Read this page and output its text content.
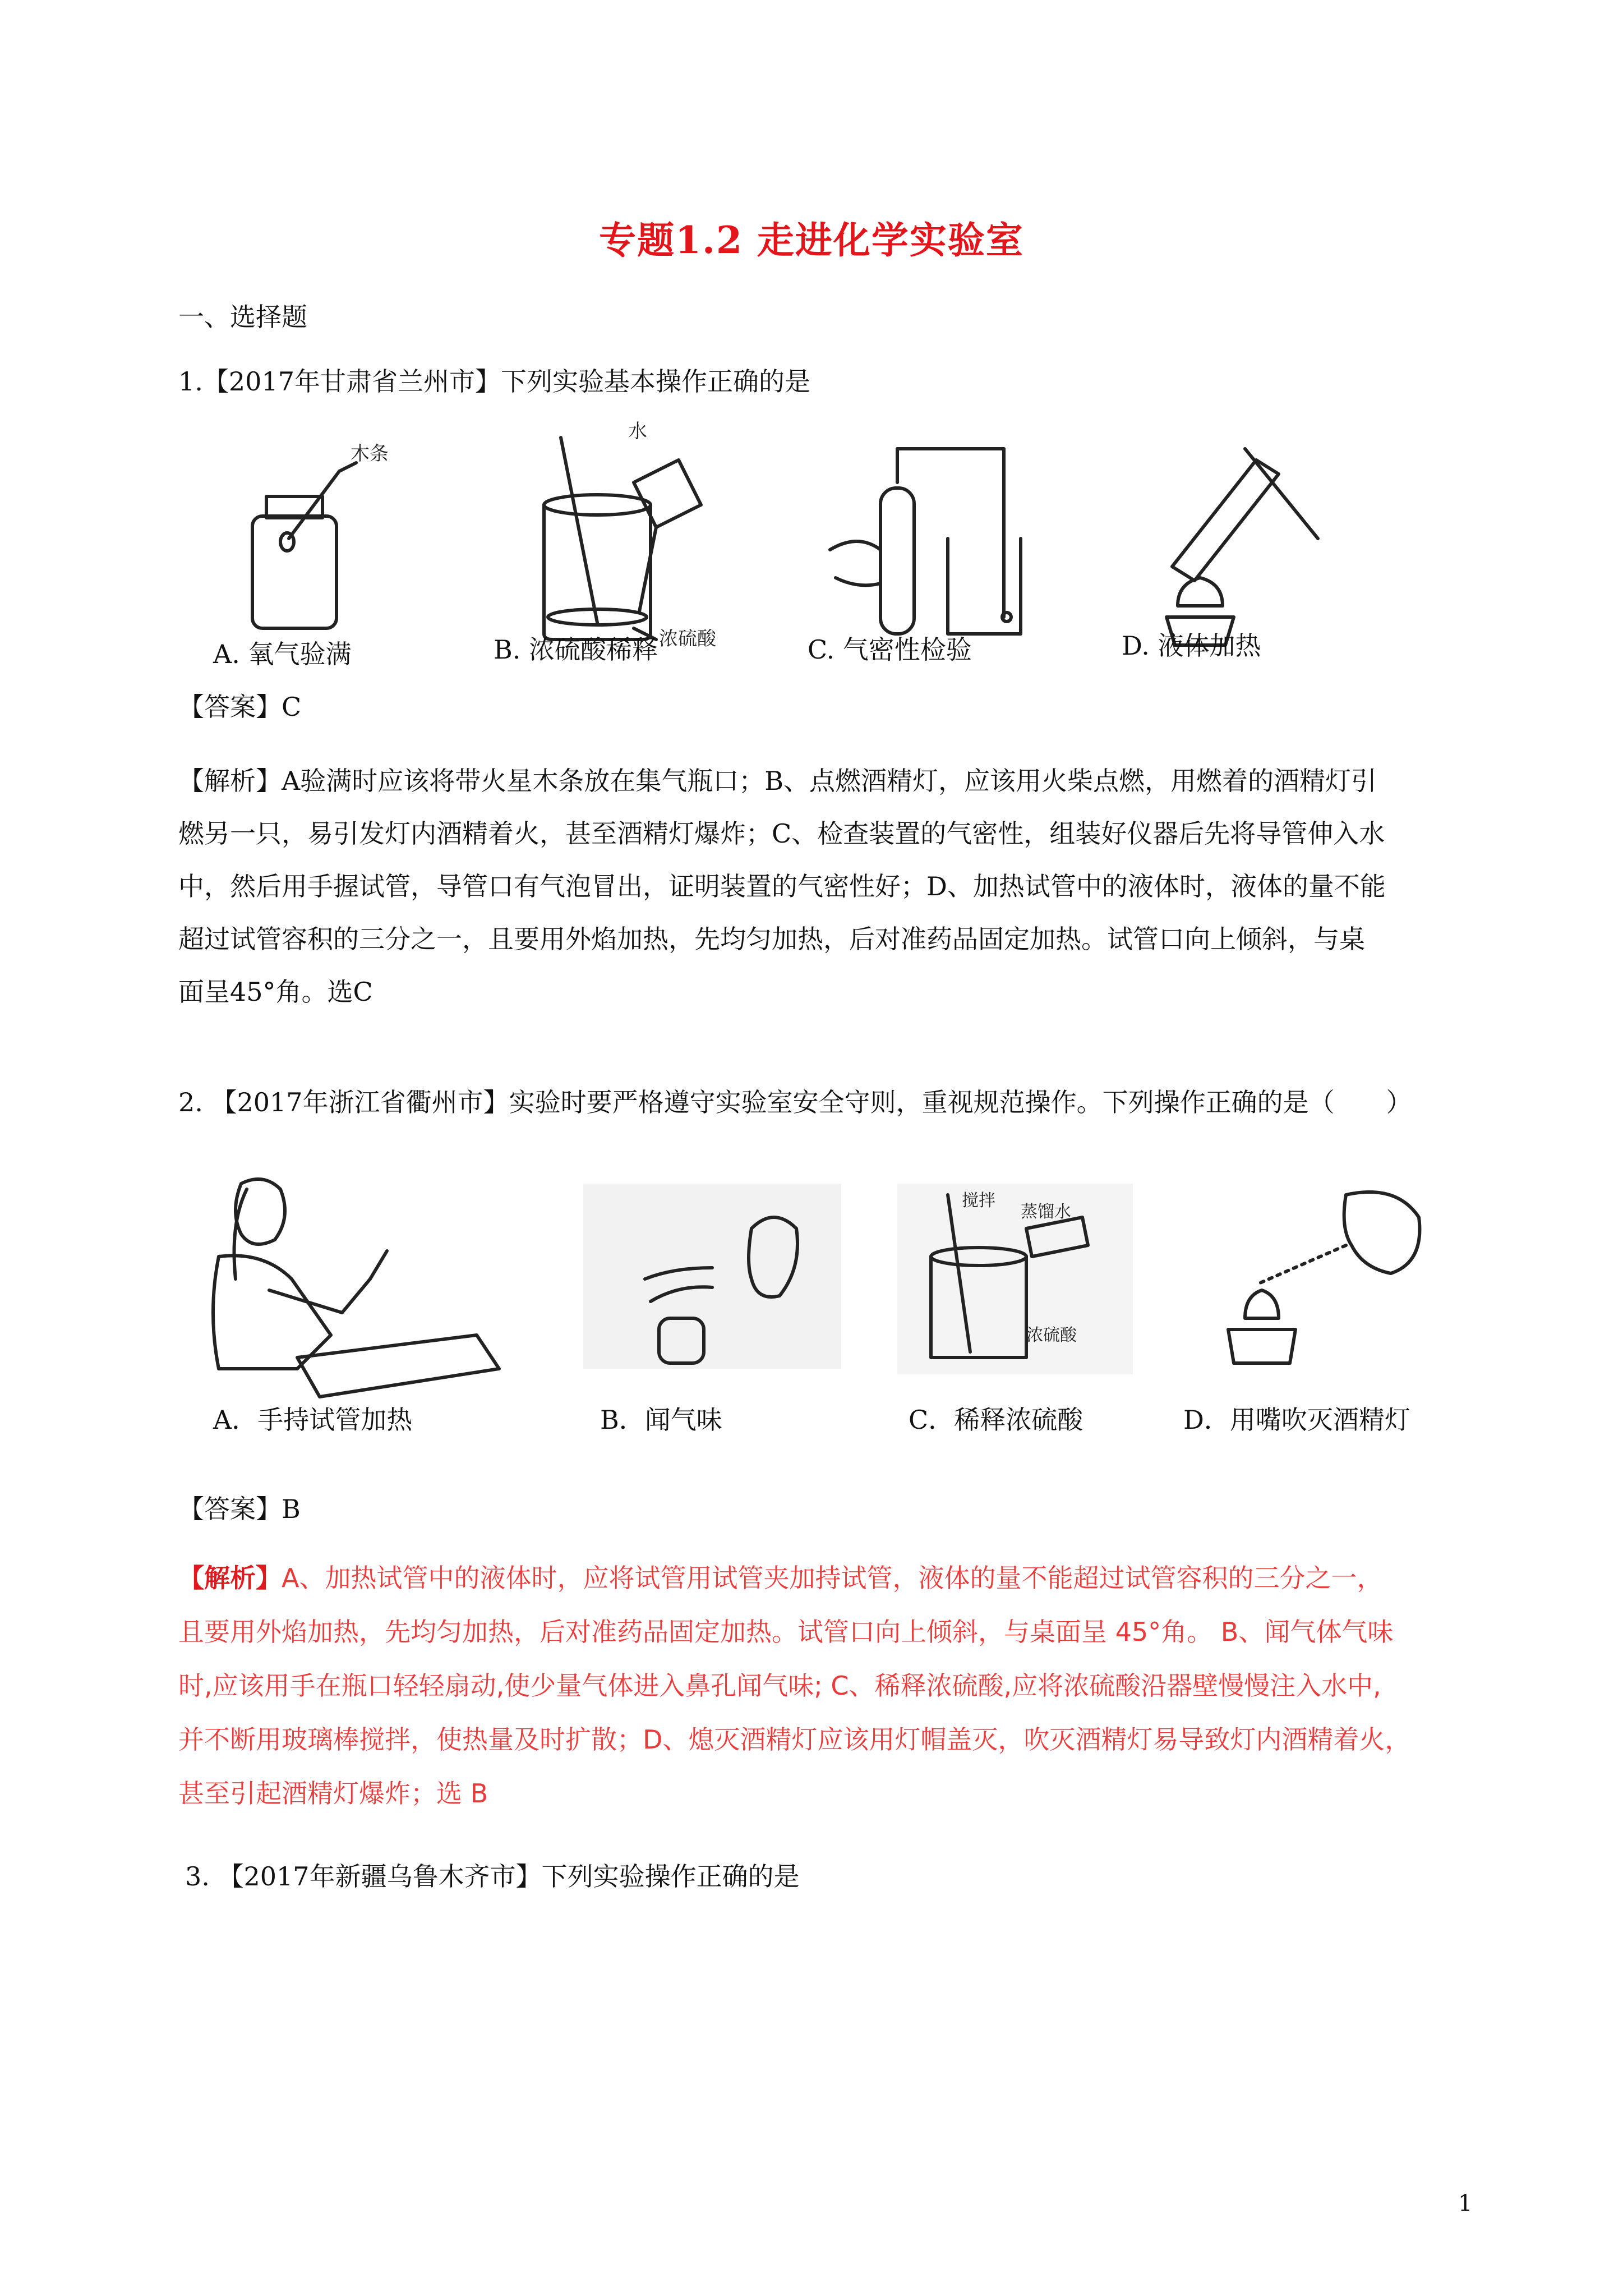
专题1.2 走进化学实验室
一、选择题
1.【2017年甘肃省兰州市】下列实验基本操作正确的是
木条
水
浓硫酸
A. 氧气验满	B. 浓硫酸稀释	C. 气密性检验	D. 液体加热
【答案】C
【解析】A验满时应该将带火星木条放在集气瓶口；B、点燃酒精灯，应该用火柴点燃，用燃着的酒精灯引
燃另一只，易引发灯内酒精着火，甚至酒精灯爆炸；C、检查装置的气密性，组装好仪器后先将导管伸入水
中，然后用手握试管，导管口有气泡冒出，证明装置的气密性好；D、加热试管中的液体时，液体的量不能
超过试管容积的三分之一，且要用外焰加热，先均匀加热，后对准药品固定加热。试管口向上倾斜，与桌
面呈45°角。选C
2. 【2017年浙江省衢州市】实验时要严格遵守实验室安全守则，重视规范操作。下列操作正确的是（　　）
搅拌
蒸馏水
浓硫酸
A．手持试管加热	B．闻气味	C．稀释浓硫酸	D．用嘴吹灭酒精灯
【答案】B
【解析】A、加热试管中的液体时，应将试管用试管夹加持试管，液体的量不能超过试管容积的三分之一，
且要用外焰加热，先均匀加热，后对准药品固定加热。试管口向上倾斜，与桌面呈 45°角。 B、闻气体气味
时,应该用手在瓶口轻轻扇动,使少量气体进入鼻孔闻气味; C、稀释浓硫酸,应将浓硫酸沿器壁慢慢注入水中,
并不断用玻璃棒搅拌，使热量及时扩散；D、熄灭酒精灯应该用灯帽盖灭，吹灭酒精灯易导致灯内酒精着火，
甚至引起酒精灯爆炸；选 B
3. 【2017年新疆乌鲁木齐市】下列实验操作正确的是
1
